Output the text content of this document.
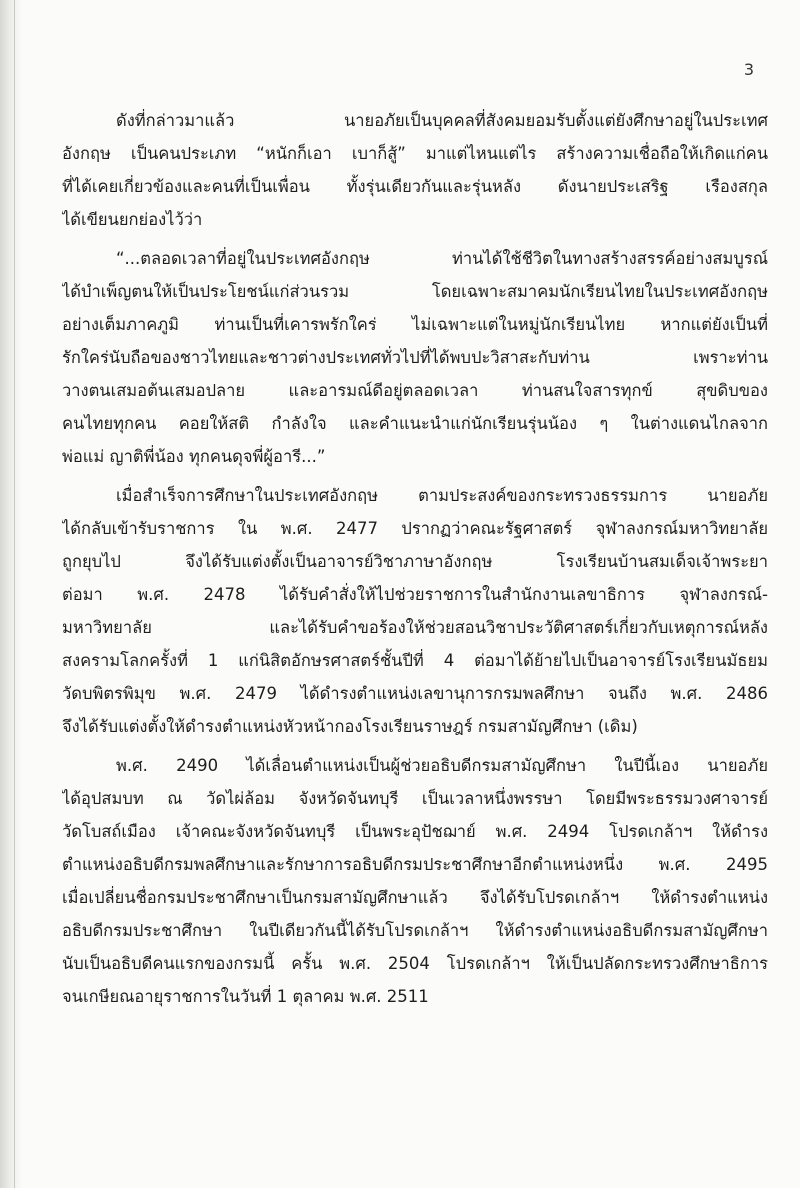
3
ดังที่กล่าวมาแล้ว นายอภัยเป็นบุคคลที่สังคมยอมรับตั้งแต่ยังศึกษาอยู่ในประเทศ
อังกฤษ เป็นคนประเภท “หนักก็เอา เบาก็สู้” มาแต่ไหนแต่ไร สร้างความเชื่อถือให้เกิดแก่คน
ที่ได้เคยเกี่ยวข้องและคนที่เป็นเพื่อน ทั้งรุ่นเดียวกันและรุ่นหลัง ดังนายประเสริฐ เรืองสกุล
ได้เขียนยกย่องไว้ว่า
“...ตลอดเวลาที่อยู่ในประเทศอังกฤษ ท่านได้ใช้ชีวิตในทางสร้างสรรค์อย่างสมบูรณ์
ได้บำเพ็ญตนให้เป็นประโยชน์แก่ส่วนรวม โดยเฉพาะสมาคมนักเรียนไทยในประเทศอังกฤษ
อย่างเต็มภาคภูมิ ท่านเป็นที่เคารพรักใคร่ ไม่เฉพาะแต่ในหมู่นักเรียนไทย หากแต่ยังเป็นที่
รักใคร่นับถือของชาวไทยและชาวต่างประเทศทั่วไปที่ได้พบปะวิสาสะกับท่าน เพราะท่าน
วางตนเสมอต้นเสมอปลาย และอารมณ์ดีอยู่ตลอดเวลา ท่านสนใจสารทุกข์ สุขดิบของ
คนไทยทุกคน คอยให้สติ กำลังใจ และคำแนะนำแก่นักเรียนรุ่นน้อง ๆ ในต่างแดนไกลจาก
พ่อแม่ ญาติพี่น้อง ทุกคนดุจพี่ผู้อารี...”
เมื่อสำเร็จการศึกษาในประเทศอังกฤษ ตามประสงค์ของกระทรวงธรรมการ นายอภัย
ได้กลับเข้ารับราชการ ใน พ.ศ. 2477 ปรากฏว่าคณะรัฐศาสตร์ จุฬาลงกรณ์มหาวิทยาลัย
ถูกยุบไป จึงได้รับแต่งตั้งเป็นอาจารย์วิชาภาษาอังกฤษ โรงเรียนบ้านสมเด็จเจ้าพระยา
ต่อมา พ.ศ. 2478 ได้รับคำสั่งให้ไปช่วยราชการในสำนักงานเลขาธิการ จุฬาลงกรณ์-
มหาวิทยาลัย และได้รับคำขอร้องให้ช่วยสอนวิชาประวัติศาสตร์เกี่ยวกับเหตุการณ์หลัง
สงครามโลกครั้งที่ 1 แก่นิสิตอักษรศาสตร์ชั้นปีที่ 4 ต่อมาได้ย้ายไปเป็นอาจารย์โรงเรียนมัธยม
วัดบพิตรพิมุข พ.ศ. 2479 ได้ดำรงตำแหน่งเลขานุการกรมพลศึกษา จนถึง พ.ศ. 2486
จึงได้รับแต่งตั้งให้ดำรงตำแหน่งหัวหน้ากองโรงเรียนราษฎร์ กรมสามัญศึกษา (เดิม)
พ.ศ. 2490 ได้เลื่อนตำแหน่งเป็นผู้ช่วยอธิบดีกรมสามัญศึกษา ในปีนี้เอง นายอภัย
ได้อุปสมบท ณ วัดไผ่ล้อม จังหวัดจันทบุรี เป็นเวลาหนึ่งพรรษา โดยมีพระธรรมวงศาจารย์
วัดโบสถ์เมือง เจ้าคณะจังหวัดจันทบุรี เป็นพระอุปัชฌาย์ พ.ศ. 2494 โปรดเกล้าฯ ให้ดำรง
ตำแหน่งอธิบดีกรมพลศึกษาและรักษาการอธิบดีกรมประชาศึกษาอีกตำแหน่งหนึ่ง พ.ศ. 2495
เมื่อเปลี่ยนชื่อกรมประชาศึกษาเป็นกรมสามัญศึกษาแล้ว จึงได้รับโปรดเกล้าฯ ให้ดำรงตำแหน่ง
อธิบดีกรมประชาศึกษา ในปีเดียวกันนี้ได้รับโปรดเกล้าฯ ให้ดำรงตำแหน่งอธิบดีกรมสามัญศึกษา
นับเป็นอธิบดีคนแรกของกรมนี้ ครั้น พ.ศ. 2504 โปรดเกล้าฯ ให้เป็นปลัดกระทรวงศึกษาธิการ
จนเกษียณอายุราชการในวันที่ 1 ตุลาคม พ.ศ. 2511
